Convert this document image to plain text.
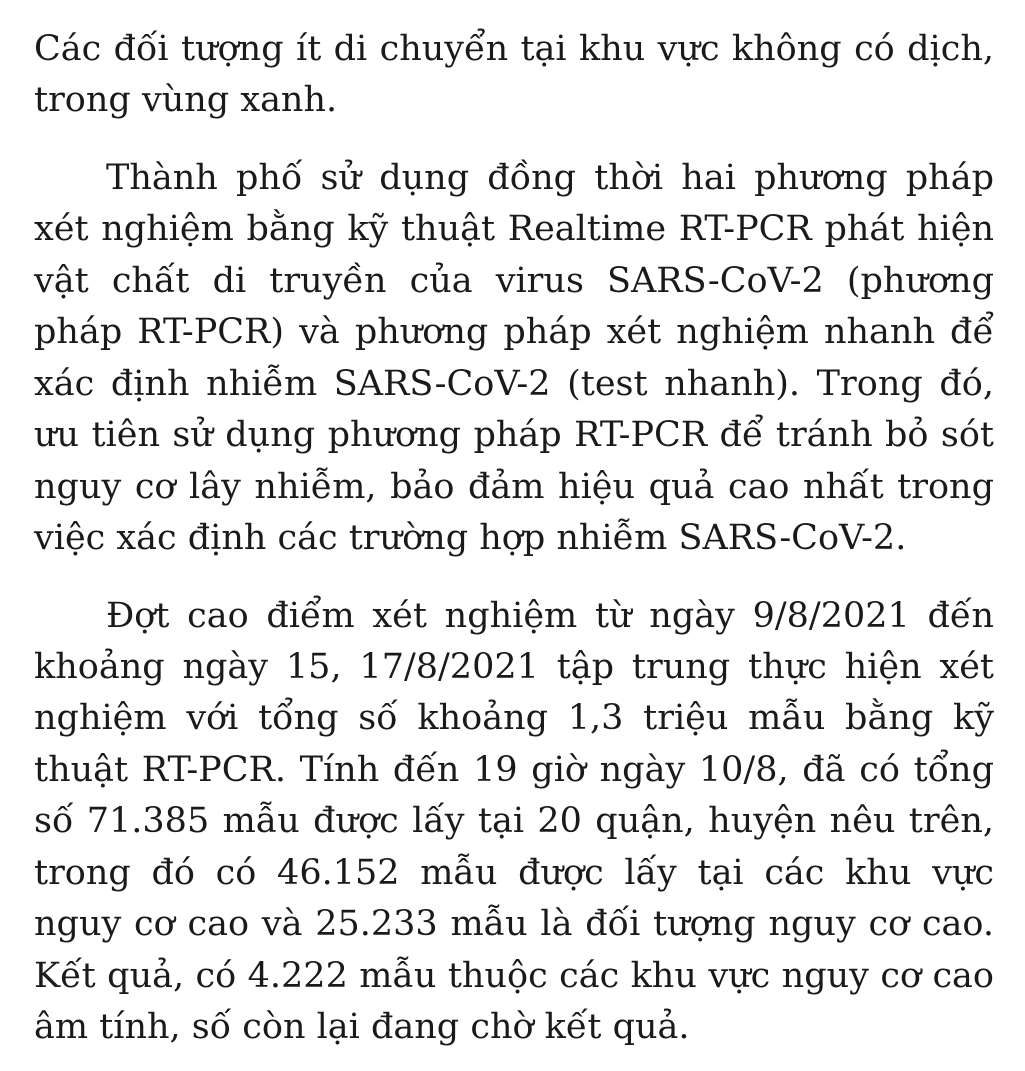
Các đối tượng ít di chuyển tại khu vực không có dịch, trong vùng xanh.

Thành phố sử dụng đồng thời hai phương pháp xét nghiệm bằng kỹ thuật Realtime RT-PCR phát hiện vật chất di truyền của virus SARS-CoV-2 (phương pháp RT-PCR) và phương pháp xét nghiệm nhanh để xác định nhiễm SARS-CoV-2 (test nhanh). Trong đó, ưu tiên sử dụng phương pháp RT-PCR để tránh bỏ sót nguy cơ lây nhiễm, bảo đảm hiệu quả cao nhất trong việc xác định các trường hợp nhiễm SARS-CoV-2.

Đợt cao điểm xét nghiệm từ ngày 9/8/2021 đến khoảng ngày 15, 17/8/2021 tập trung thực hiện xét nghiệm với tổng số khoảng 1,3 triệu mẫu bằng kỹ thuật RT-PCR. Tính đến 19 giờ ngày 10/8, đã có tổng số 71.385 mẫu được lấy tại 20 quận, huyện nêu trên, trong đó có 46.152 mẫu được lấy tại các khu vực nguy cơ cao và 25.233 mẫu là đối tượng nguy cơ cao. Kết quả, có 4.222 mẫu thuộc các khu vực nguy cơ cao âm tính, số còn lại đang chờ kết quả.
